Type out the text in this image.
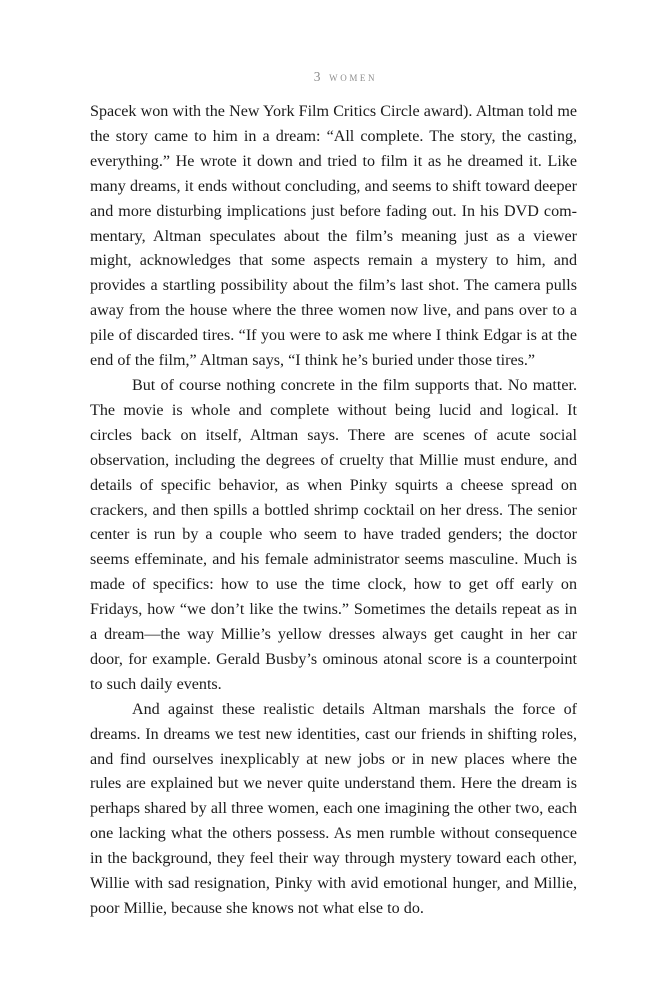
3 women

Spacek won with the New York Film Critics Circle award). Altman told me the story came to him in a dream: “All complete. The story, the casting, everything.” He wrote it down and tried to film it as he dreamed it. Like many dreams, it ends without concluding, and seems to shift toward deeper and more disturbing implications just before fading out. In his DVD commentary, Altman speculates about the film’s meaning just as a viewer might, acknowledges that some aspects remain a mystery to him, and provides a startling possibility about the film’s last shot. The camera pulls away from the house where the three women now live, and pans over to a pile of discarded tires. “If you were to ask me where I think Edgar is at the end of the film,” Altman says, “I think he’s buried under those tires.”

But of course nothing concrete in the film supports that. No matter. The movie is whole and complete without being lucid and logical. It circles back on itself, Altman says. There are scenes of acute social observation, including the degrees of cruelty that Millie must endure, and details of specific behavior, as when Pinky squirts a cheese spread on crackers, and then spills a bottled shrimp cocktail on her dress. The senior center is run by a couple who seem to have traded genders; the doctor seems effeminate, and his female administrator seems masculine. Much is made of specifics: how to use the time clock, how to get off early on Fridays, how “we don’t like the twins.” Sometimes the details repeat as in a dream—the way Millie’s yellow dresses always get caught in her car door, for example. Gerald Busby’s ominous atonal score is a counterpoint to such daily events.

And against these realistic details Altman marshals the force of dreams. In dreams we test new identities, cast our friends in shifting roles, and find ourselves inexplicably at new jobs or in new places where the rules are explained but we never quite understand them. Here the dream is perhaps shared by all three women, each one imagining the other two, each one lacking what the others possess. As men rumble without consequence in the background, they feel their way through mystery toward each other, Willie with sad resignation, Pinky with avid emotional hunger, and Millie, poor Millie, because she knows not what else to do.
